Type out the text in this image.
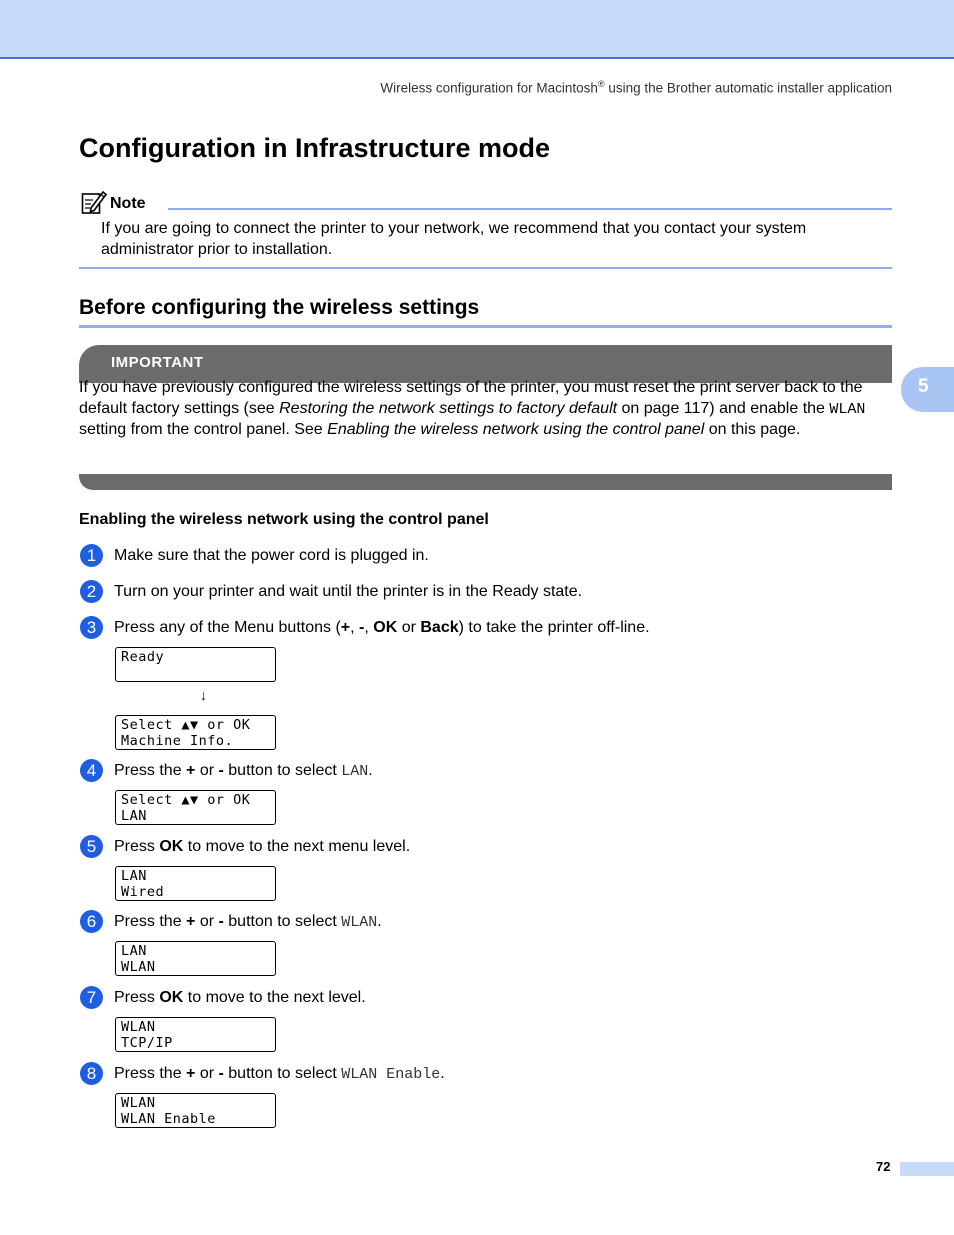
Wireless configuration for Macintosh® using the Brother automatic installer application
Configuration in Infrastructure mode
Note
If you are going to connect the printer to your network, we recommend that you contact your system administrator prior to installation.
Before configuring the wireless settings
IMPORTANT
If you have previously configured the wireless settings of the printer, you must reset the print server back to the default factory settings (see Restoring the network settings to factory default on page 117) and enable the WLAN setting from the control panel. See Enabling the wireless network using the control panel on this page.
5
Enabling the wireless network using the control panel
1	Make sure that the power cord is plugged in.
2	Turn on your printer and wait until the printer is in the Ready state.
3	Press any of the Menu buttons (+, -, OK or Back) to take the printer off-line.
Ready
↓
Select ▲▼ or OK
Machine Info.
4	Press the + or - button to select LAN.
Select ▲▼ or OK
LAN
5	Press OK to move to the next menu level.
LAN
Wired
6	Press the + or - button to select WLAN.
LAN
WLAN
7	Press OK to move to the next level.
WLAN
TCP/IP
8	Press the + or - button to select WLAN Enable.
WLAN
WLAN Enable
72
